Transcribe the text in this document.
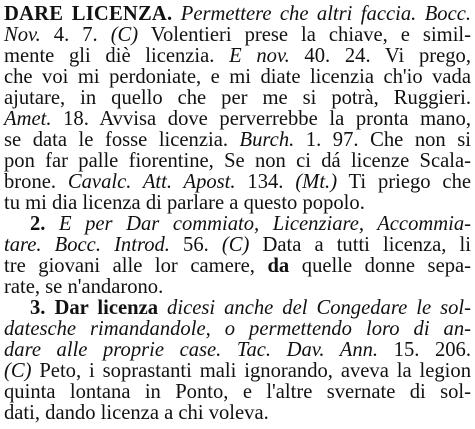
DARE LICENZA. Permettere che altri faccia. Bocc.
Nov. 4. 7. (C) Volentieri prese la chiave, e simil-
mente gli diè licenzia. E nov. 40. 24. Vi prego,
che voi mi perdoniate, e mi diate licenzia ch'io vada
ajutare, in quello che per me si potrà, Ruggieri.
Amet. 18. Avvisa dove perverrebbe la pronta mano,
se data le fosse licenzia. Burch. 1. 97. Che non si
pon far palle fiorentine, Se non ci dá licenze Scala-
brone. Cavalc. Att. Apost. 134. (Mt.) Ti priego che
tu mi dia licenza di parlare a questo popolo.
2. E per Dar commiato, Licenziare, Accommia-
tare. Bocc. Introd. 56. (C) Data a tutti licenza, li
tre giovani alle lor camere, da quelle donne sepa-
rate, se n'andarono.
3. Dar licenza dicesi anche del Congedare le sol-
datesche rimandandole, o permettendo loro di an-
dare alle proprie case. Tac. Dav. Ann. 15. 206.
(C) Peto, i soprastanti mali ignorando, aveva la legion
quinta lontana in Ponto, e l'altre svernate di sol-
dati, dando licenza a chi voleva.
